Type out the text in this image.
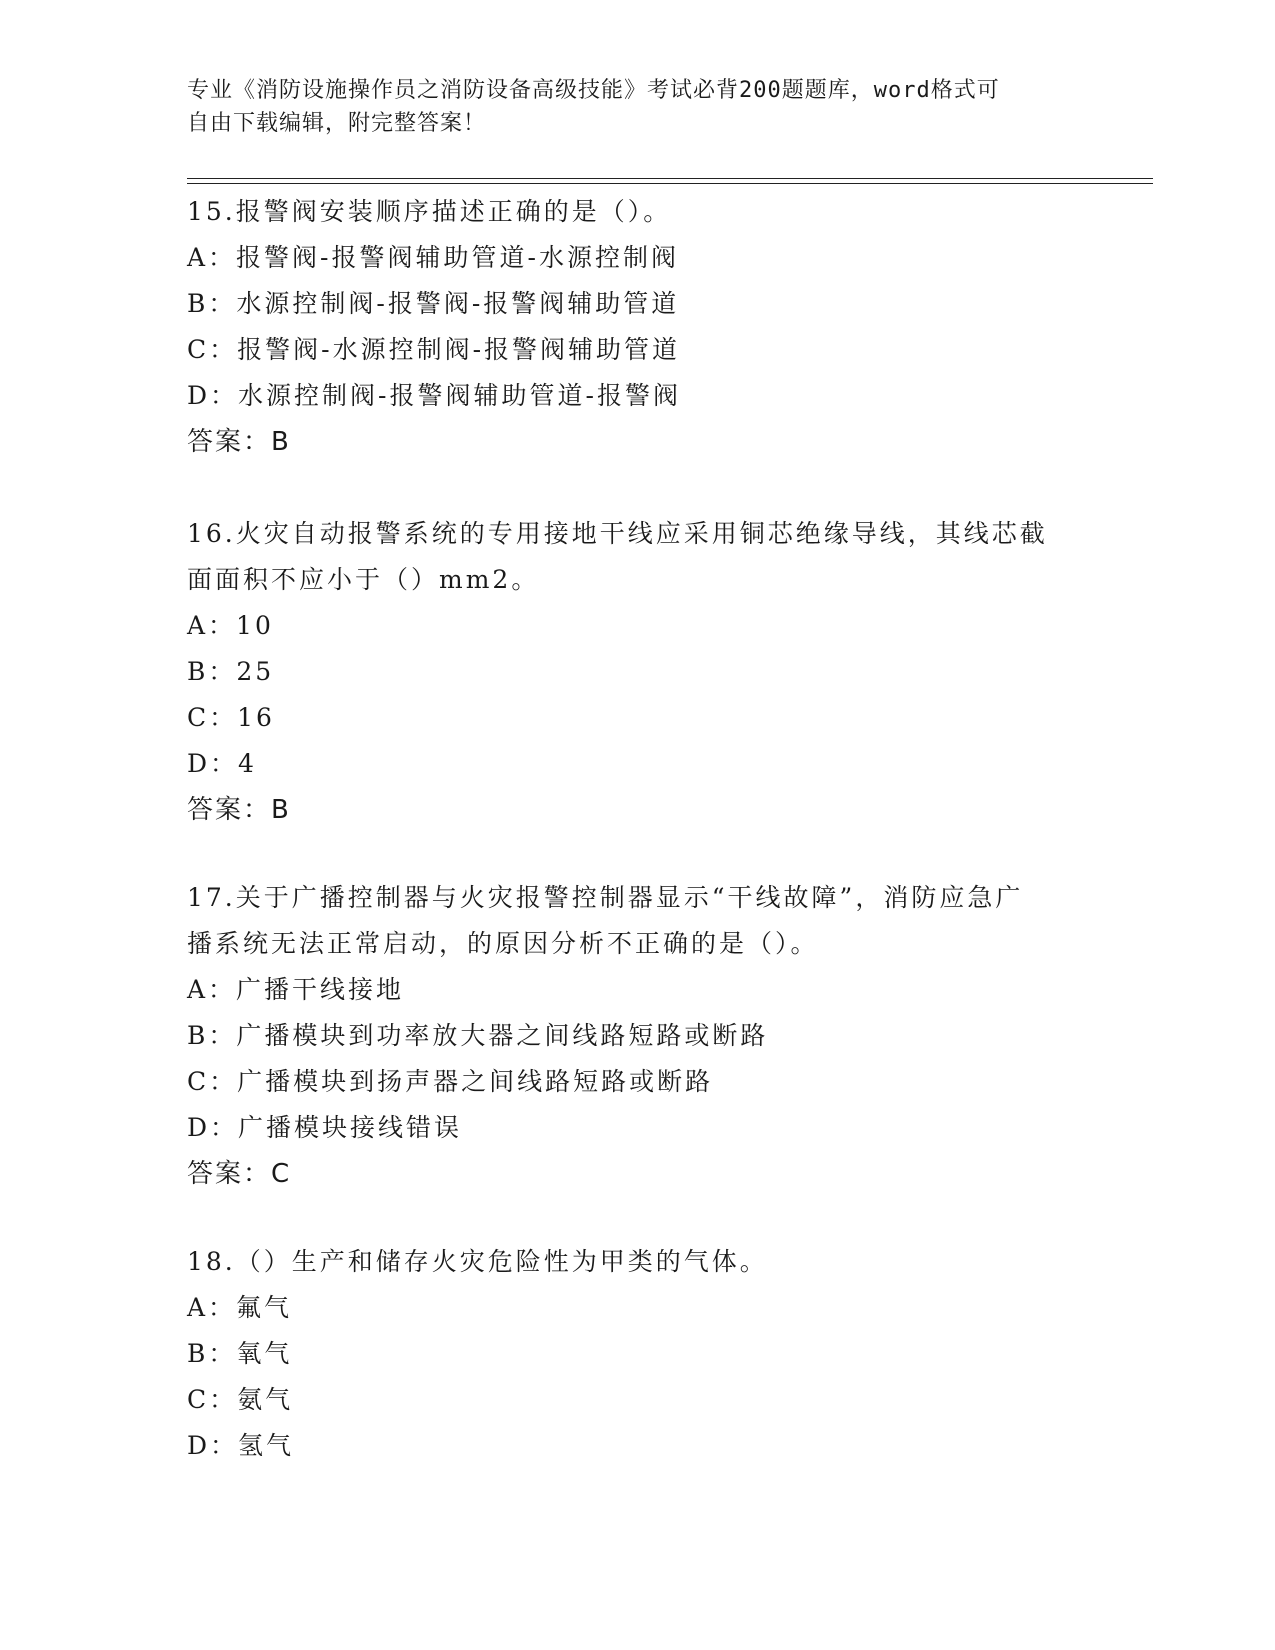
专业《消防设施操作员之消防设备高级技能》考试必背200题题库，word格式可
自由下载编辑，附完整答案！
15.报警阀安装顺序描述正确的是（）。
A：报警阀-报警阀辅助管道-水源控制阀
B：水源控制阀-报警阀-报警阀辅助管道
C：报警阀-水源控制阀-报警阀辅助管道
D：水源控制阀-报警阀辅助管道-报警阀
答案：B
16.火灾自动报警系统的专用接地干线应采用铜芯绝缘导线，其线芯截
面面积不应小于（）mm2。
A：10
B：25
C：16
D：4
答案：B
17.关于广播控制器与火灾报警控制器显示“干线故障”，消防应急广
播系统无法正常启动，的原因分析不正确的是（）。
A：广播干线接地
B：广播模块到功率放大器之间线路短路或断路
C：广播模块到扬声器之间线路短路或断路
D：广播模块接线错误
答案：C
18.（）生产和储存火灾危险性为甲类的气体。
A：氟气
B：氧气
C：氨气
D：氢气
